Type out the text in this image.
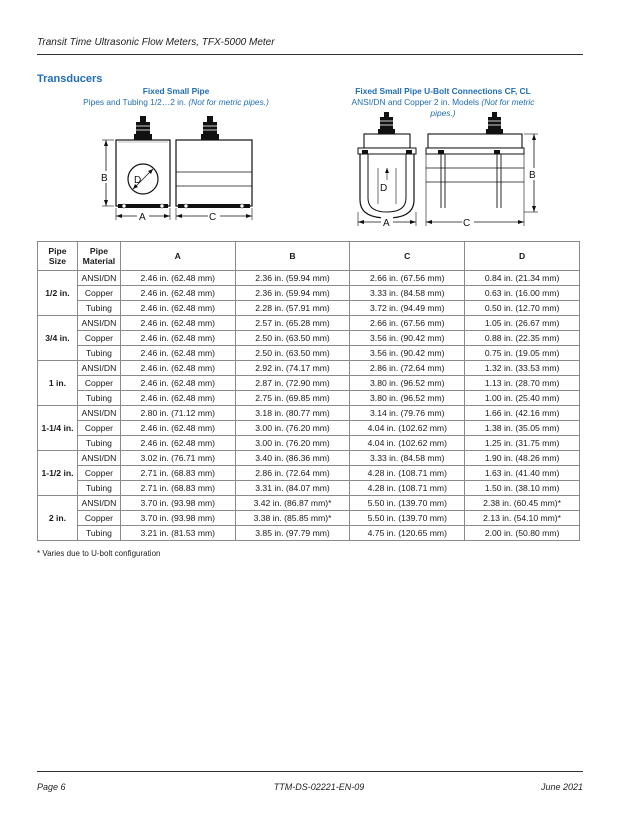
Transit Time Ultrasonic Flow Meters, TFX-5000 Meter
Transducers
Fixed Small Pipe
Pipes and Tubing 1/2…2 in. (Not for metric pipes.)
Fixed Small Pipe U-Bolt Connections CF, CL
ANSI/DN and Copper 2 in. Models (Not for metric pipes.)
D
B
A	C
D
A	C
B
Pipe
Size	Pipe
Material	A	B	C	D
1/2 in.	ANSI/DN	2.46 in. (62.48 mm)	2.36 in. (59.94 mm)	2.66 in. (67.56 mm)	0.84 in. (21.34 mm)
	Copper	2.46 in. (62.48 mm)	2.36 in. (59.94 mm)	3.33 in. (84.58 mm)	0.63 in. (16.00 mm)
	Tubing	2.46 in. (62.48 mm)	2.28 in. (57.91 mm)	3.72 in. (94.49 mm)	0.50 in. (12.70 mm)
3/4 in.	ANSI/DN	2.46 in. (62.48 mm)	2.57 in. (65.28 mm)	2.66 in. (67.56 mm)	1.05 in. (26.67 mm)
	Copper	2.46 in. (62.48 mm)	2.50 in. (63.50 mm)	3.56 in. (90.42 mm)	0.88 in. (22.35 mm)
	Tubing	2.46 in. (62.48 mm)	2.50 in. (63.50 mm)	3.56 in. (90.42 mm)	0.75 in. (19.05 mm)
1 in.	ANSI/DN	2.46 in. (62.48 mm)	2.92 in. (74.17 mm)	2.86 in. (72.64 mm)	1.32 in. (33.53 mm)
	Copper	2.46 in. (62.48 mm)	2.87 in. (72.90 mm)	3.80 in. (96.52 mm)	1.13 in. (28.70 mm)
	Tubing	2.46 in. (62.48 mm)	2.75 in. (69.85 mm)	3.80 in. (96.52 mm)	1.00 in. (25.40 mm)
1-1/4 in.	ANSI/DN	2.80 in. (71.12 mm)	3.18 in. (80.77 mm)	3.14 in. (79.76 mm)	1.66 in. (42.16 mm)
	Copper	2.46 in. (62.48 mm)	3.00 in. (76.20 mm)	4.04 in. (102.62 mm)	1.38 in. (35.05 mm)
	Tubing	2.46 in. (62.48 mm)	3.00 in. (76.20 mm)	4.04 in. (102.62 mm)	1.25 in. (31.75 mm)
1-1/2 in.	ANSI/DN	3.02 in. (76.71 mm)	3.40 in. (86.36 mm)	3.33 in. (84.58 mm)	1.90 in. (48.26 mm)
	Copper	2.71 in. (68.83 mm)	2.86 in. (72.64 mm)	4.28 in. (108.71 mm)	1.63 in. (41.40 mm)
	Tubing	2.71 in. (68.83 mm)	3.31 in. (84.07 mm)	4.28 in. (108.71 mm)	1.50 in. (38.10 mm)
2 in.	ANSI/DN	3.70 in. (93.98 mm)	3.42 in. (86.87 mm)*	5.50 in. (139.70 mm)	2.38 in. (60.45 mm)*
	Copper	3.70 in. (93.98 mm)	3.38 in. (85.85 mm)*	5.50 in. (139.70 mm)	2.13 in. (54.10 mm)*
	Tubing	3.21 in. (81.53 mm)	3.85 in. (97.79 mm)	4.75 in. (120.65 mm)	2.00 in. (50.80 mm)
* Varies due to U-bolt configuration
Page 6	TTM-DS-02221-EN-09	June 2021
